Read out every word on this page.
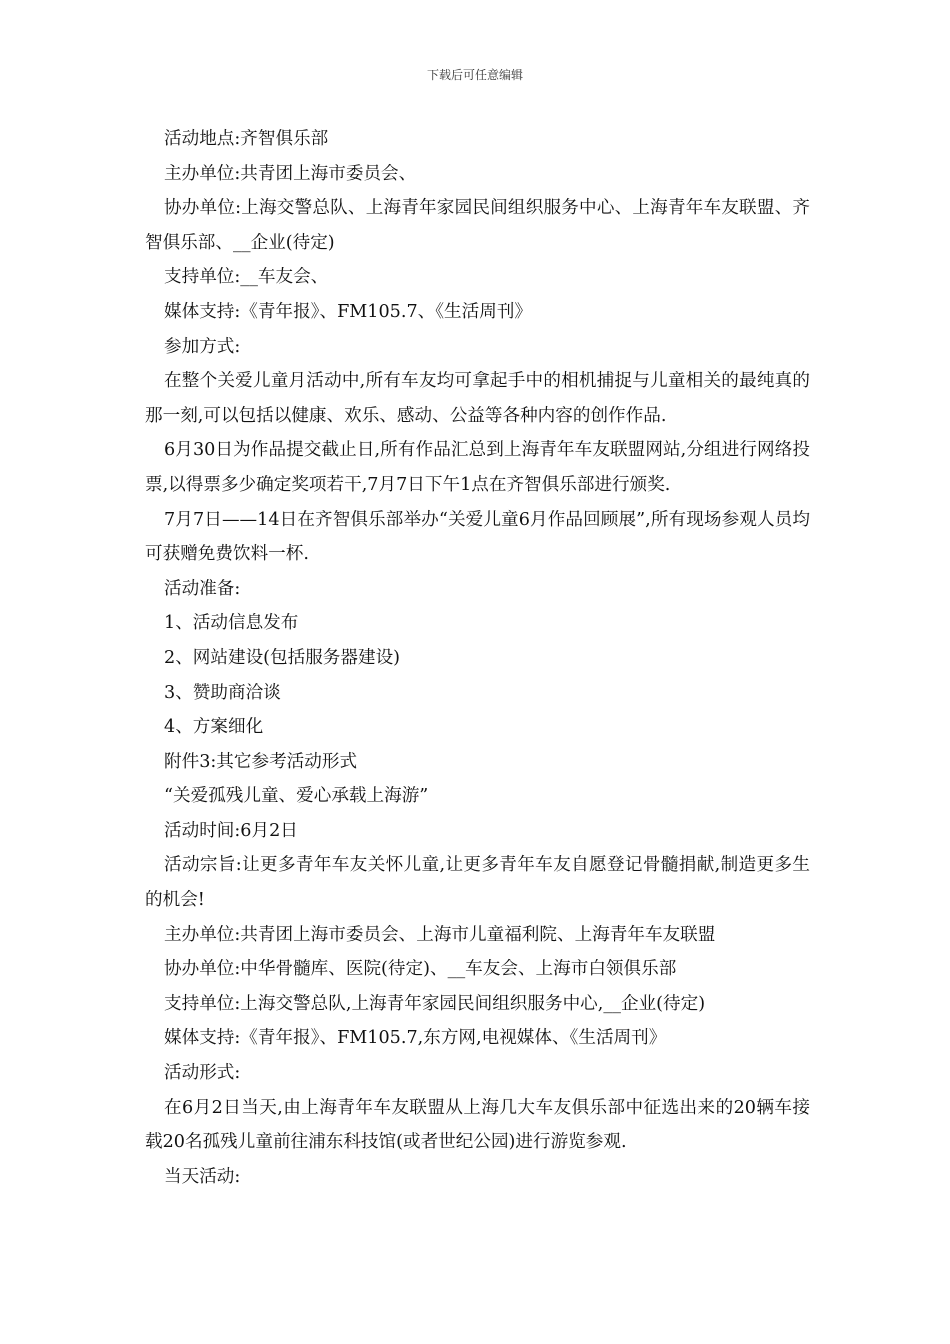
下载后可任意编辑

活动地点:齐智俱乐部

主办单位:共青团上海市委员会、

协办单位:上海交警总队、上海青年家园民间组织服务中心、上海青年车友联盟、齐智俱乐部、__企业(待定)

支持单位:__车友会、

媒体支持:《青年报》、FM105.7、《生活周刊》

参加方式:

在整个关爱儿童月活动中,所有车友均可拿起手中的相机捕捉与儿童相关的最纯真的那一刻,可以包括以健康、欢乐、感动、公益等各种内容的创作作品.

6月30日为作品提交截止日,所有作品汇总到上海青年车友联盟网站,分组进行网络投票,以得票多少确定奖项若干,7月7日下午1点在齐智俱乐部进行颁奖.

7月7日——14日在齐智俱乐部举办“关爱儿童6月作品回顾展”,所有现场参观人员均可获赠免费饮料一杯.

活动准备:

1、活动信息发布

2、网站建设(包括服务器建设)

3、赞助商洽谈

4、方案细化

附件3:其它参考活动形式

“关爱孤残儿童、爱心承载上海游”

活动时间:6月2日

活动宗旨:让更多青年车友关怀儿童,让更多青年车友自愿登记骨髓捐献,制造更多生的机会!

主办单位:共青团上海市委员会、上海市儿童福利院、上海青年车友联盟

协办单位:中华骨髓库、医院(待定)、__车友会、上海市白领俱乐部

支持单位:上海交警总队,上海青年家园民间组织服务中心,__企业(待定)

媒体支持:《青年报》、FM105.7,东方网,电视媒体、《生活周刊》

活动形式:

在6月2日当天,由上海青年车友联盟从上海几大车友俱乐部中征选出来的20辆车接载20名孤残儿童前往浦东科技馆(或者世纪公园)进行游览参观.

当天活动:
